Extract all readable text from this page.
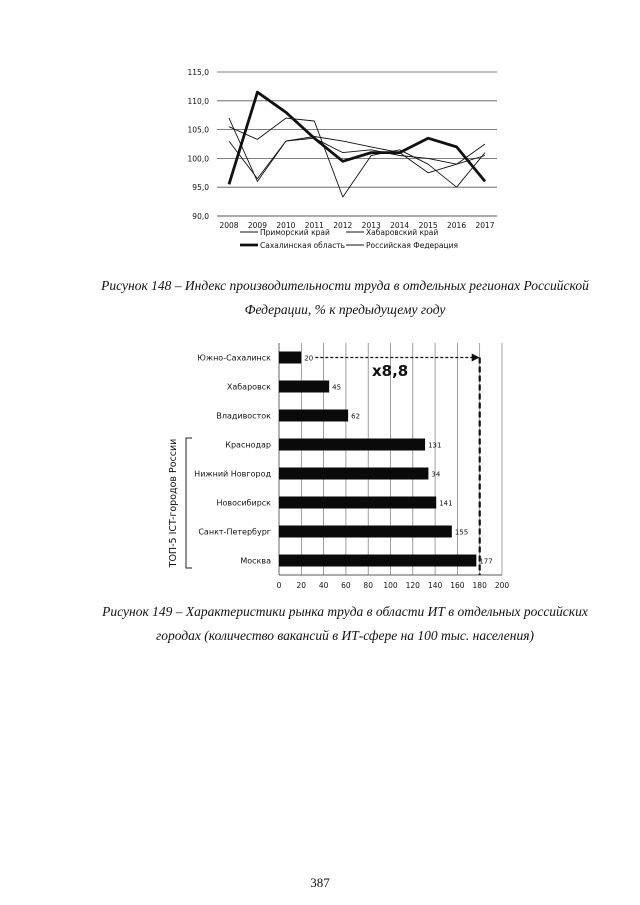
90,0
95,0
100,0
105,0
110,0
115,0
2008 2009 2010 2011 2012 2013 2014 2015 2016 2017
Приморский край	Хабаровский край
Сахалинская область	Российская Федерация
Рисунок 148 – Индекс производительности труда в отдельных регионах Российской Федерации, % к предыдущему году
Южно-Сахалинск
Хабаровск
Владивосток
Краснодар
Нижний Новгород
Новосибирск
Санкт-Петербург
Москва
20
45
62
131
34
141
155
177
0 20 40 60 80 100 120 140 160 180 200
ТОП-5 ICT-городов России
x8,8
Рисунок 149 – Характеристики рынка труда в области ИТ в отдельных российских городах (количество вакансий в ИТ-сфере на 100 тыс. населения)
387
